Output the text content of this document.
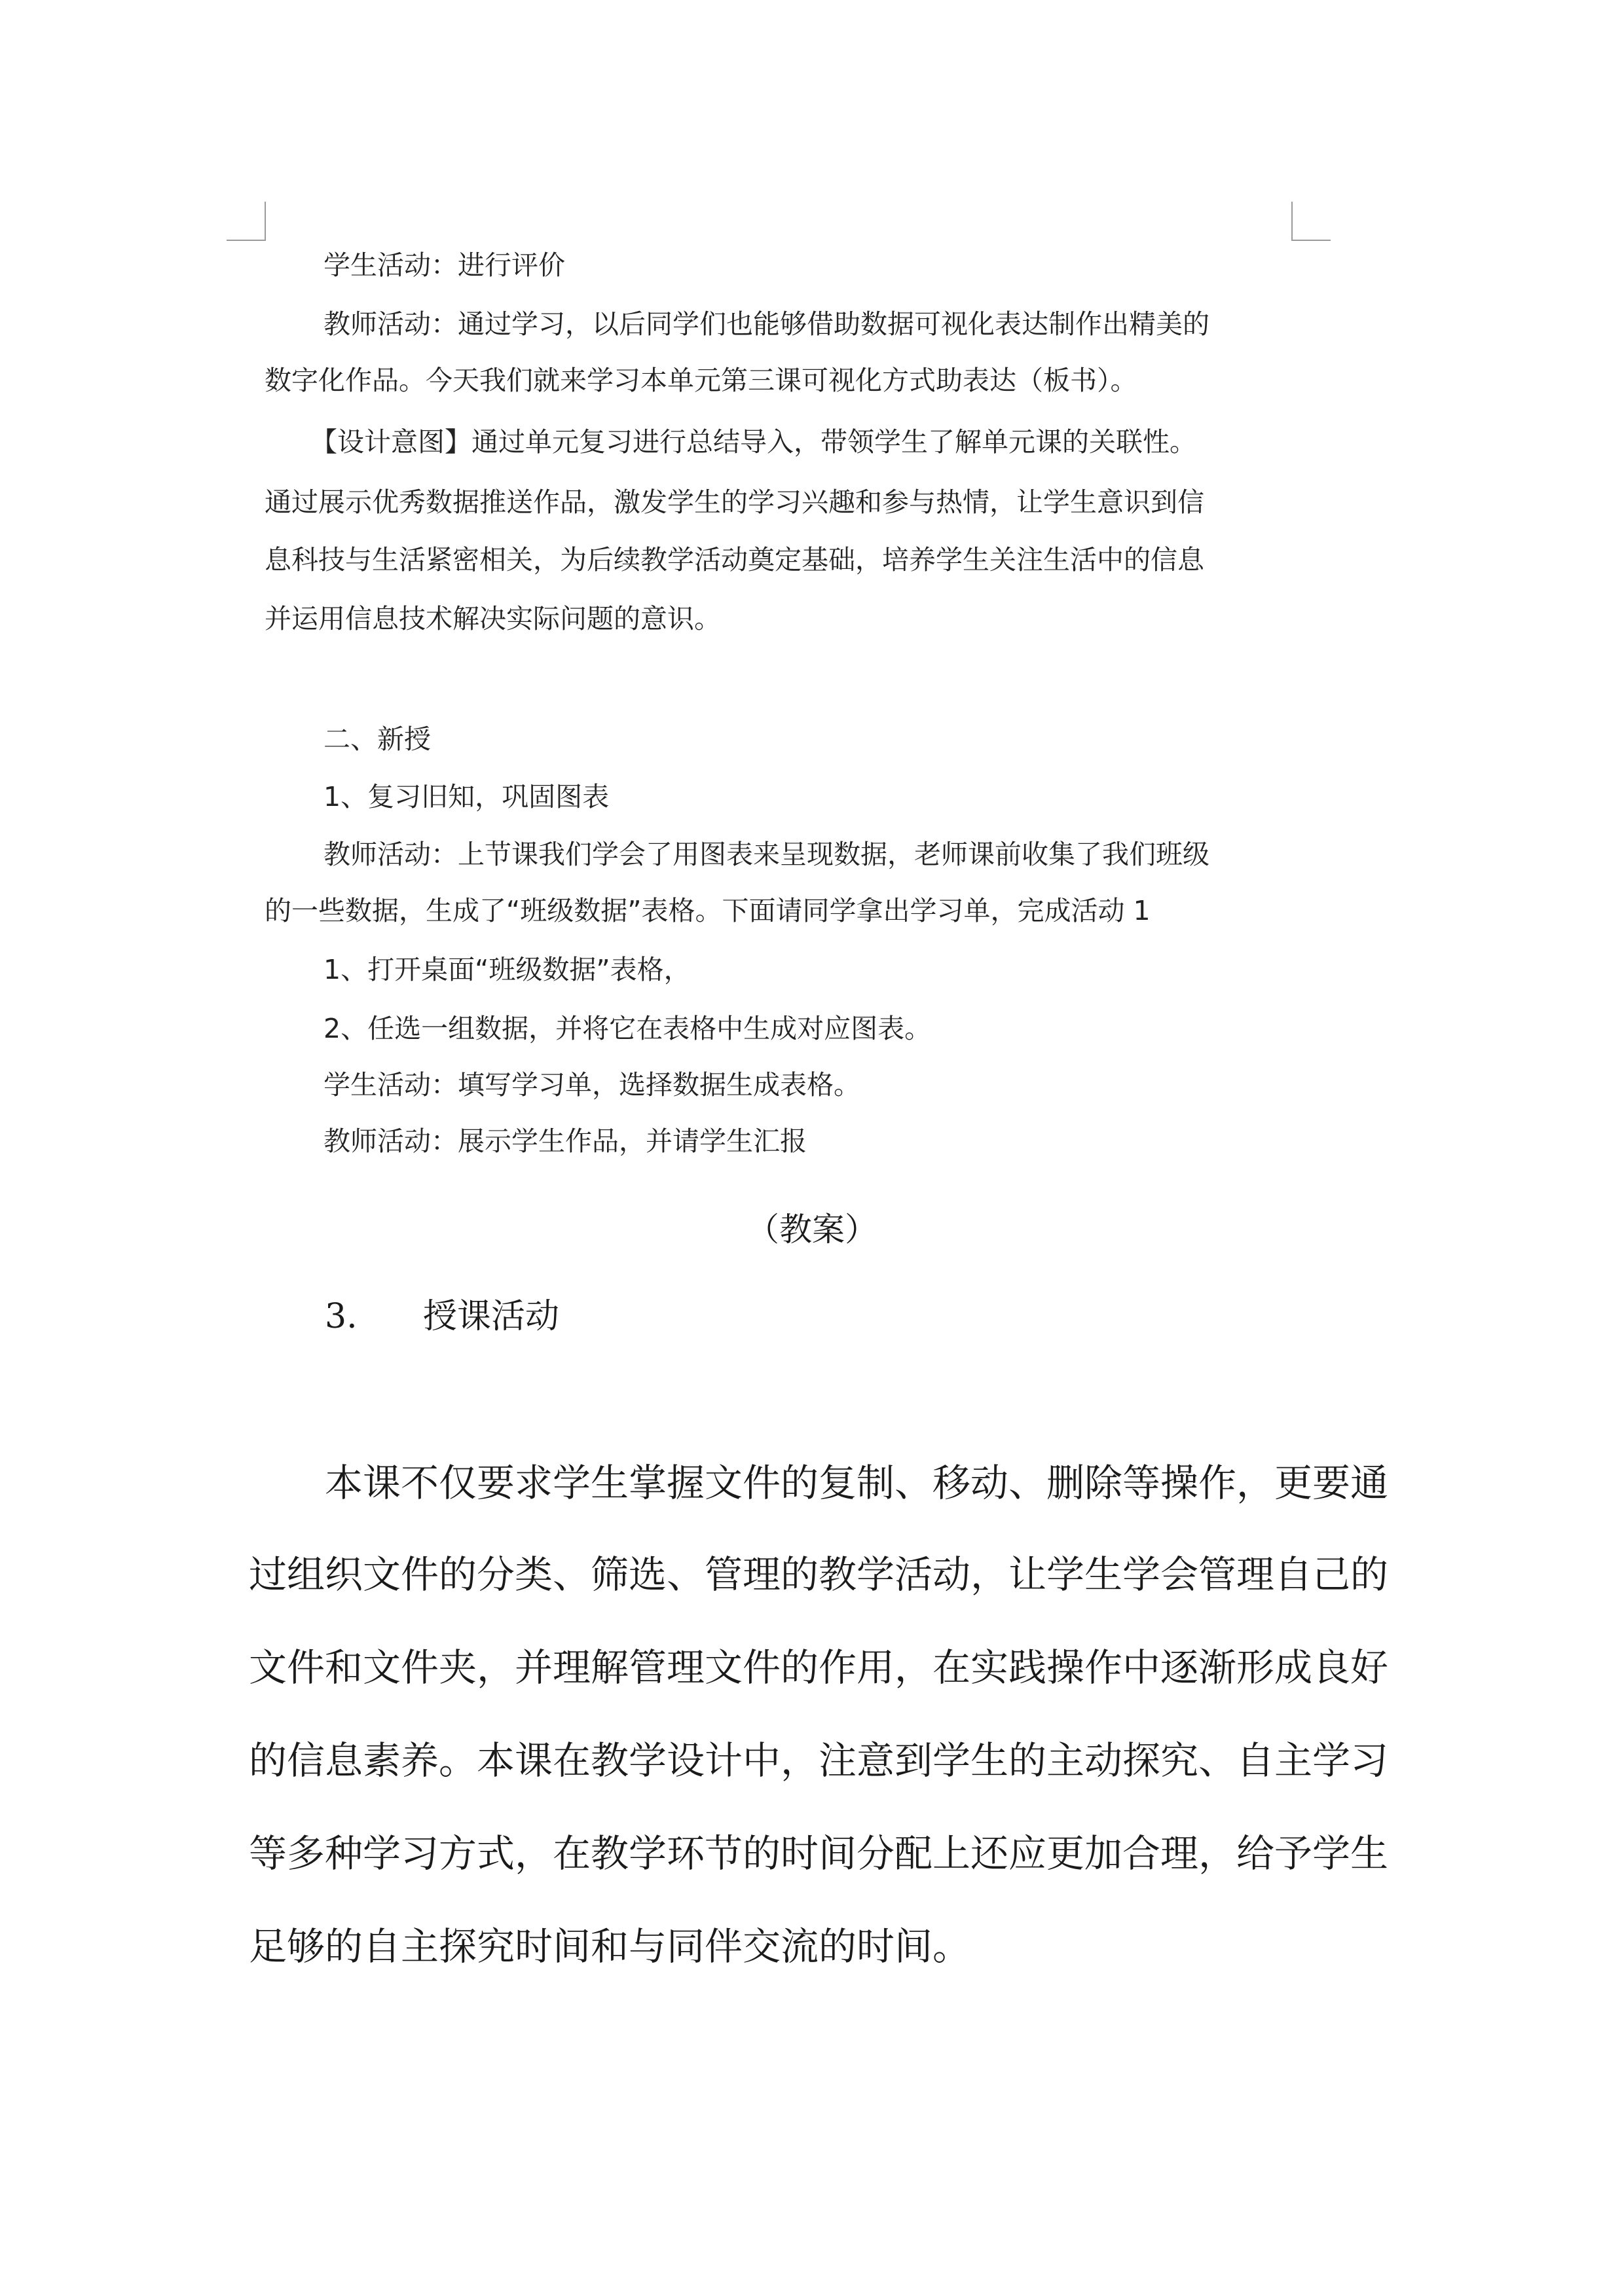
学生活动：进行评价
教师活动：通过学习，以后同学们也能够借助数据可视化表达制作出精美的
数字化作品。今天我们就来学习本单元第三课可视化方式助表达（板书）。
【设计意图】通过单元复习进行总结导入，带领学生了解单元课的关联性。
通过展示优秀数据推送作品，激发学生的学习兴趣和参与热情，让学生意识到信
息科技与生活紧密相关，为后续教学活动奠定基础，培养学生关注生活中的信息
并运用信息技术解决实际问题的意识。
二、新授
1、复习旧知，巩固图表
教师活动：上节课我们学会了用图表来呈现数据，老师课前收集了我们班级
的一些数据，生成了“班级数据”表格。下面请同学拿出学习单，完成活动 1
1、打开桌面“班级数据”表格，
2、任选一组数据，并将它在表格中生成对应图表。
学生活动：填写学习单，选择数据生成表格。
教师活动：展示学生作品，并请学生汇报
（教案）
3. 授课活动
本课不仅要求学生掌握文件的复制、移动、删除等操作，更要通
过组织文件的分类、筛选、管理的教学活动，让学生学会管理自己的
文件和文件夹，并理解管理文件的作用，在实践操作中逐渐形成良好
的信息素养。本课在教学设计中，注意到学生的主动探究、自主学习
等多种学习方式，在教学环节的时间分配上还应更加合理，给予学生
足够的自主探究时间和与同伴交流的时间。
